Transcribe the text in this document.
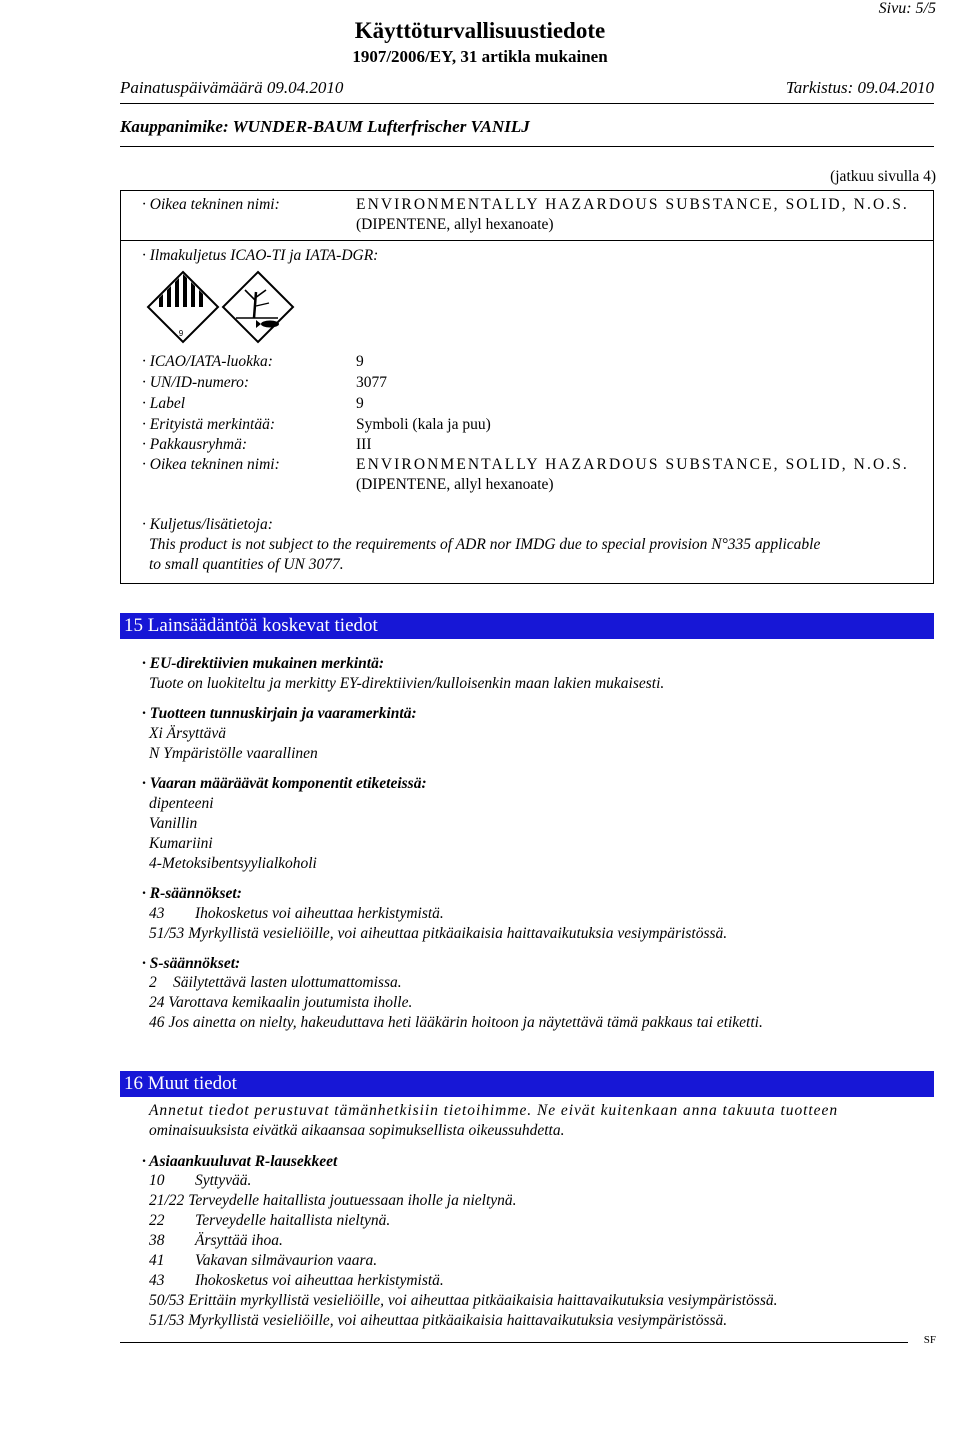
Sivu: 5/5
Käyttöturvallisuustiedote
1907/2006/EY, 31 artikla mukainen
Painatuspäivämäärä 09.04.2010	Tarkistus: 09.04.2010
Kauppanimike: WUNDER-BAUM Lufterfrischer VANILJ
(jatkuu sivulla 4)
· Oikea tekninen nimi:	ENVIRONMENTALLY HAZARDOUS SUBSTANCE, SOLID, N.O.S.
(DIPENTENE, allyl hexanoate)
· Ilmakuljetus ICAO-TI ja IATA-DGR:
9
· ICAO/IATA-luokka:	9
· UN/ID-numero:	3077
· Label	9
· Erityistä merkintää:	Symboli (kala ja puu)
· Pakkausryhmä:	III
· Oikea tekninen nimi:	ENVIRONMENTALLY HAZARDOUS SUBSTANCE, SOLID, N.O.S.
(DIPENTENE, allyl hexanoate)
· Kuljetus/lisätietoja:
This product is not subject to the requirements of ADR nor IMDG due to special provision N°335 applicable
to small quantities of UN 3077.
15 Lainsäädäntöä koskevat tiedot
· EU-direktiivien mukainen merkintä:
Tuote on luokiteltu ja merkitty EY-direktiivien/kulloisenkin maan lakien mukaisesti.
· Tuotteen tunnuskirjain ja vaaramerkintä:
Xi Ärsyttävä
N Ympäristölle vaarallinen
· Vaaran määräävät komponentit etiketeissä:
dipenteeni
Vanillin
Kumariini
4-Metoksibentsyylialkoholi
· R-säännökset:
43 Ihokosketus voi aiheuttaa herkistymistä.
51/53 Myrkyllistä vesieliöille, voi aiheuttaa pitkäaikaisia haittavaikutuksia vesiympäristössä.
· S-säännökset:
2 Säilytettävä lasten ulottumattomissa.
24 Varottava kemikaalin joutumista iholle.
46 Jos ainetta on nielty, hakeuduttava heti lääkärin hoitoon ja näytettävä tämä pakkaus tai etiketti.
16 Muut tiedot
Annetut tiedot perustuvat tämänhetkisiin tietoihimme. Ne eivät kuitenkaan anna takuuta tuotteen
ominaisuuksista eivätkä aikaansaa sopimuksellista oikeussuhdetta.
· Asiaankuuluvat R-lausekkeet
10 Syttyvää.
21/22 Terveydelle haitallista joutuessaan iholle ja nieltynä.
22 Terveydelle haitallista nieltynä.
38 Ärsyttää ihoa.
41 Vakavan silmävaurion vaara.
43 Ihokosketus voi aiheuttaa herkistymistä.
50/53 Erittäin myrkyllistä vesieliöille, voi aiheuttaa pitkäaikaisia haittavaikutuksia vesiympäristössä.
51/53 Myrkyllistä vesieliöille, voi aiheuttaa pitkäaikaisia haittavaikutuksia vesiympäristössä.
SF
